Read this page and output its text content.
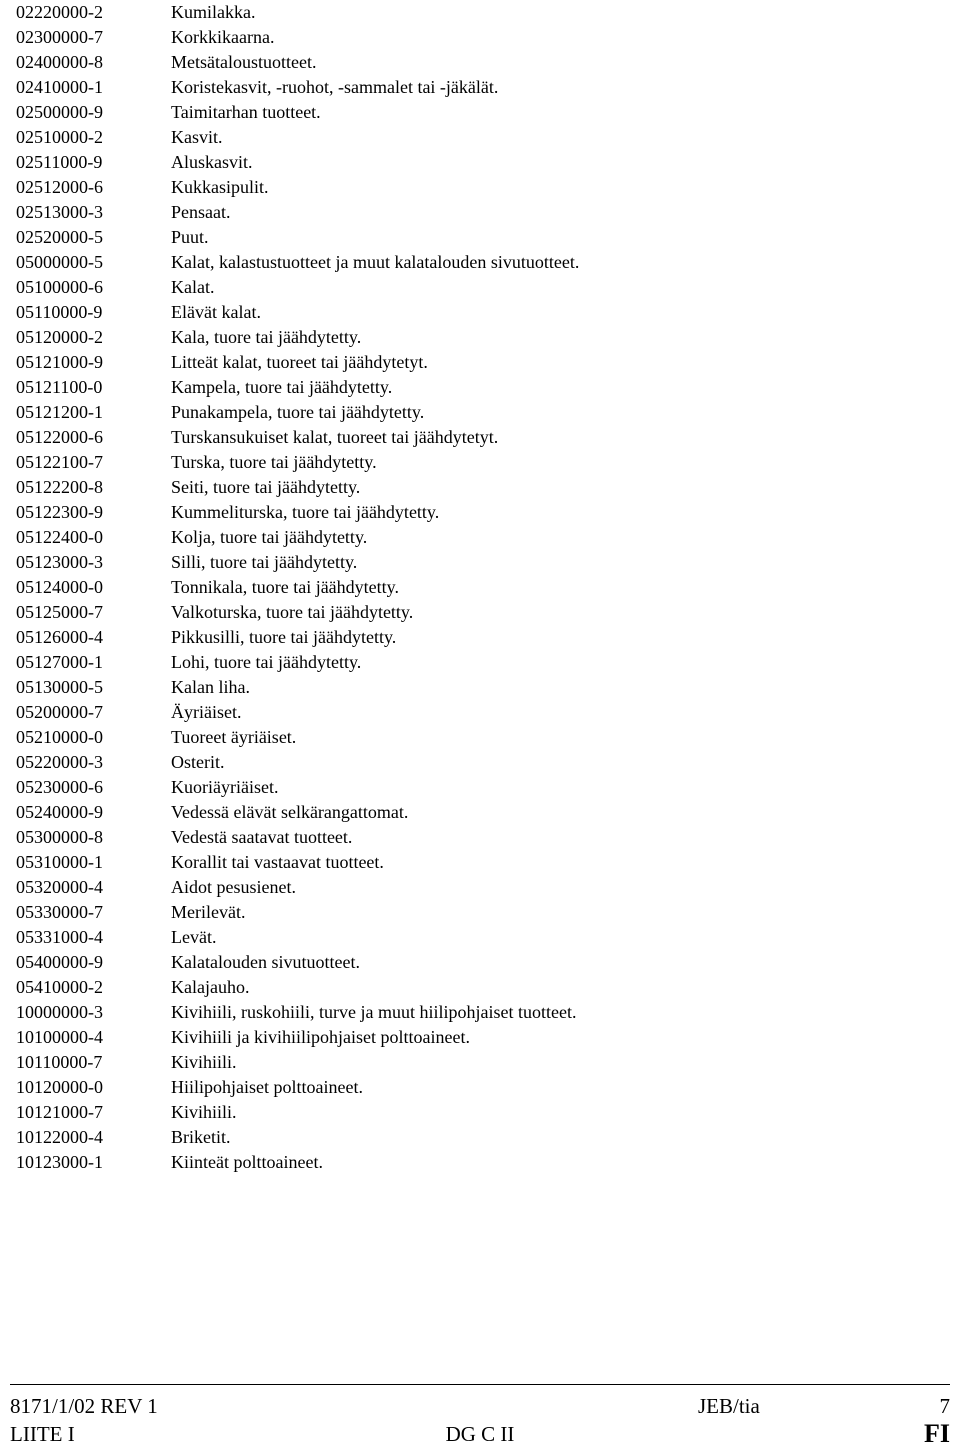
02220000-2	Kumilakka.
02300000-7	Korkkikaarna.
02400000-8	Metsätaloustuotteet.
02410000-1	Koristekasvit, -ruohot, -sammalet tai -jäkälät.
02500000-9	Taimitarhan tuotteet.
02510000-2	Kasvit.
02511000-9	Aluskasvit.
02512000-6	Kukkasipulit.
02513000-3	Pensaat.
02520000-5	Puut.
05000000-5	Kalat, kalastustuotteet ja muut kalatalouden sivutuotteet.
05100000-6	Kalat.
05110000-9	Elävät kalat.
05120000-2	Kala, tuore tai jäähdytetty.
05121000-9	Litteät kalat, tuoreet tai jäähdytetyt.
05121100-0	Kampela, tuore tai jäähdytetty.
05121200-1	Punakampela, tuore tai jäähdytetty.
05122000-6	Turskansukuiset kalat, tuoreet tai jäähdytetyt.
05122100-7	Turska, tuore tai jäähdytetty.
05122200-8	Seiti, tuore tai jäähdytetty.
05122300-9	Kummeliturska, tuore tai jäähdytetty.
05122400-0	Kolja, tuore tai jäähdytetty.
05123000-3	Silli, tuore tai jäähdytetty.
05124000-0	Tonnikala, tuore tai jäähdytetty.
05125000-7	Valkoturska, tuore tai jäähdytetty.
05126000-4	Pikkusilli, tuore tai jäähdytetty.
05127000-1	Lohi, tuore tai jäähdytetty.
05130000-5	Kalan liha.
05200000-7	Äyriäiset.
05210000-0	Tuoreet äyriäiset.
05220000-3	Osterit.
05230000-6	Kuoriäyriäiset.
05240000-9	Vedessä elävät selkärangattomat.
05300000-8	Vedestä saatavat tuotteet.
05310000-1	Korallit tai vastaavat tuotteet.
05320000-4	Aidot pesusienet.
05330000-7	Merilevät.
05331000-4	Levät.
05400000-9	Kalatalouden sivutuotteet.
05410000-2	Kalajauho.
10000000-3	Kivihiili, ruskohiili, turve ja muut hiilipohjaiset tuotteet.
10100000-4	Kivihiili ja kivihiilipohjaiset polttoaineet.
10110000-7	Kivihiili.
10120000-0	Hiilipohjaiset polttoaineet.
10121000-7	Kivihiili.
10122000-4	Briketit.
10123000-1	Kiinteät polttoaineet.
8171/1/02 REV 1	JEB/tia	7
LIITE I	DG C II	FI
